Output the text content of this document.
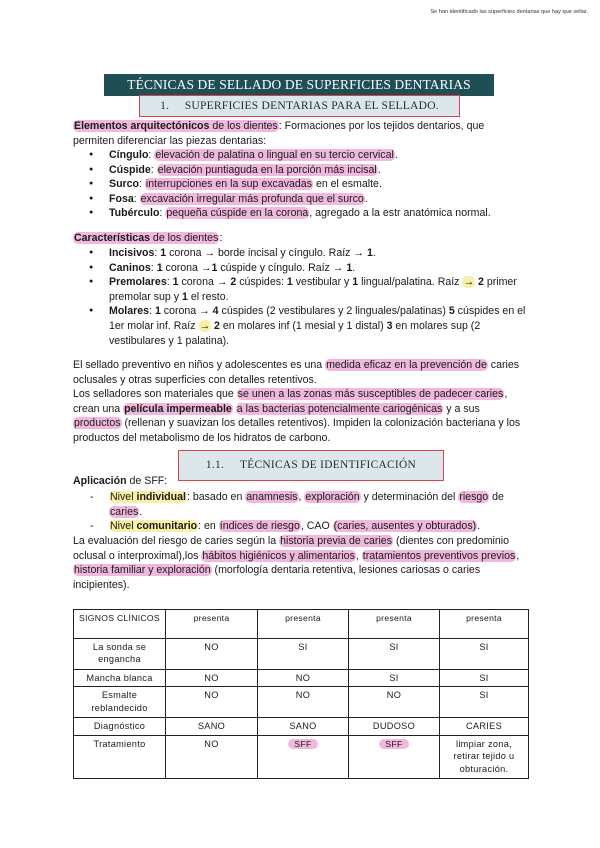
Se han identificado las superficies dentarias que hay que sellar.
TÉCNICAS DE SELLADO DE SUPERFICIES DENTARIAS
1. SUPERFICIES DENTARIAS PARA EL SELLADO.

Elementos arquitectónicos de los dientes: Formaciones por los tejidos dentarios, que permiten diferenciar las piezas dentarias:

● Cíngulo: elevación de palatina o lingual en su tercio cervical.
● Cúspide: elevación puntiaguda en la porción más incisal.
● Surco: interrupciones en la sup excavadas en el esmalte.
● Fosa: excavación irregular más profunda que el surco.
● Tubérculo: pequeña cúspide en la corona, agregado a la estr anatómica normal.

Características de los dientes:

● Incisivos: 1 corona → borde incisal y cíngulo. Raíz → 1.
● Caninos: 1 corona →1 cúspide y cíngulo. Raíz → 1.
● Premolares: 1 corona → 2 cúspides: 1 vestibular y 1 lingual/palatina. Raíz → 2 primer premolar sup y 1 el resto.
● Molares: 1 corona → 4 cúspides (2 vestibulares y 2 linguales/palatinas) 5 cúspides en el 1er molar inf. Raíz → 2 en molares inf (1 mesial y 1 distal) 3 en molares sup (2 vestibulares y 1 palatina).

El sellado preventivo en niños y adolescentes es una medida eficaz en la prevención de caries oclusales y otras superficies con detalles retentivos.

Los selladores son materiales que se unen a las zonas más susceptibles de padecer caries, crean una película impermeable a las bacterias potencialmente cariogénicas y a sus productos (rellenan y suavizan los detalles retentivos). Impiden la colonización bacteriana y los productos del metabolismo de los hidratos de carbono.

1.1. TÉCNICAS DE IDENTIFICACIÓN

Aplicación de SFF:

- Nivel individual: basado en anamnesis, exploración y determinación del riesgo de caries.
- Nivel comunitario: en índices de riesgo, CAO (caries, ausentes y obturados).

La evaluación del riesgo de caries según la historia previa de caries (dientes con predominio oclusal o interproximal),los hábitos higiénicos y alimentarios, tratamientos preventivos previos, historia familiar y exploración (morfología dentaria retentiva, lesiones cariosas o caries incipientes).

SIGNOS CLÍNICOS	presenta	presenta	presenta	presenta
La sonda se engancha	NO	SI	SI	SI
Mancha blanca	NO	NO	SI	SI
Esmalte reblandecido	NO	NO	NO	SI
Diagnóstico	SANO	SANO	DUDOSO	CARIES
Tratamiento	NO	SFF	SFF	limpiar zona, retirar tejido u obturación.
